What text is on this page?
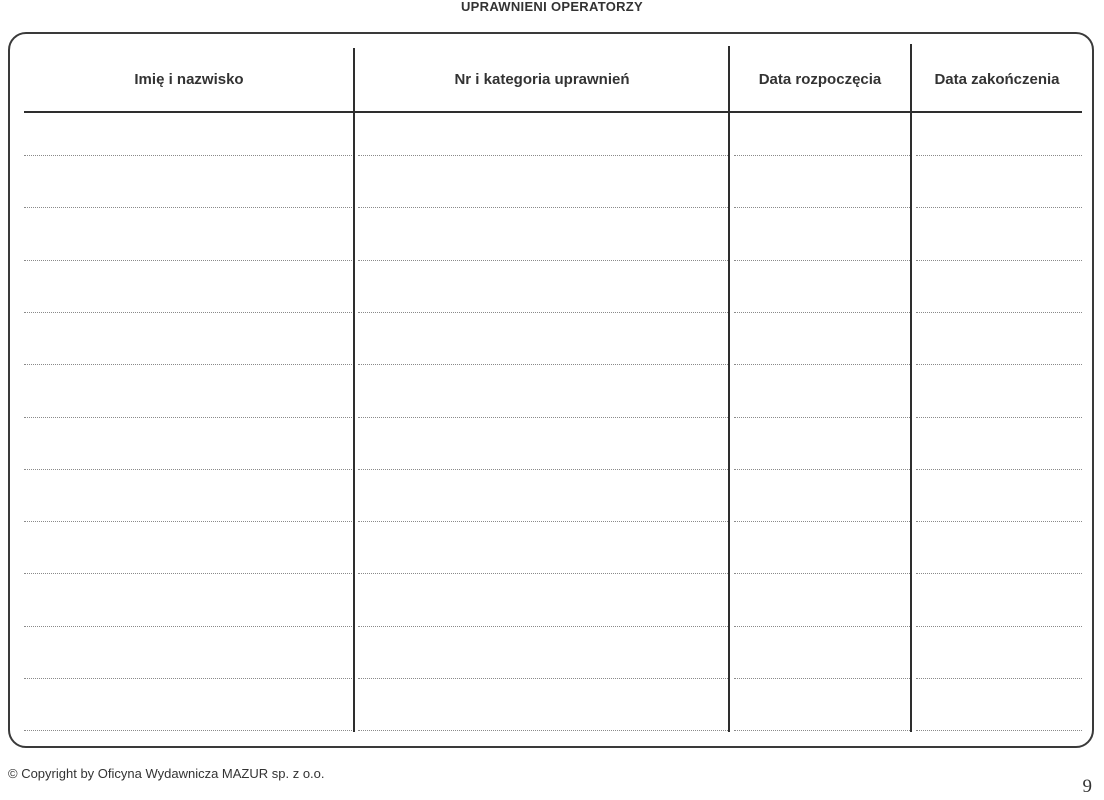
UPRAWNIENI OPERATORZY
Imię i nazwisko	Nr i kategoria uprawnień	Data rozpoczęcia	Data zakończenia
© Copyright by Oficyna Wydawnicza MAZUR sp. z o.o.
9
